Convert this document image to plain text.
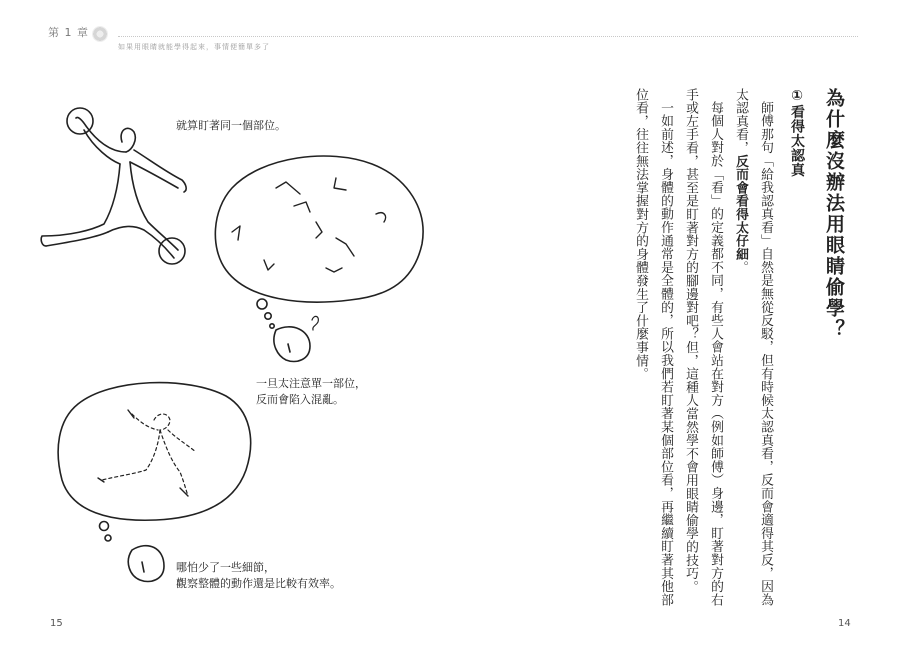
第 1 章
如果用眼睛就能學得起來，事情便簡單多了
就算盯著同一個部位。
一旦太注意單一部位，
反而會陷入混亂。
哪怕少了一些細節，
觀察整體的動作還是比較有效率。
為什麼沒辦法用眼睛偷學？
①看得太認真

師傅那句「給我認真看」自然是無從反駁，但有時候太認真看，反而會適得其反，因為太認真看，反而會看得太仔細。

每個人對於「看」的定義都不同，有些人會站在對方（例如師傅）身邊，盯著對方的右手或左手看，甚至是盯著對方的腳邊對吧？但，這種人當然學不會用眼睛偷學的技巧。

一如前述，身體的動作通常是全體的，所以我們若盯著某個部位看，再繼續盯著其他部位看，往往無法掌握對方的身體發生了什麼事情。

15	14
